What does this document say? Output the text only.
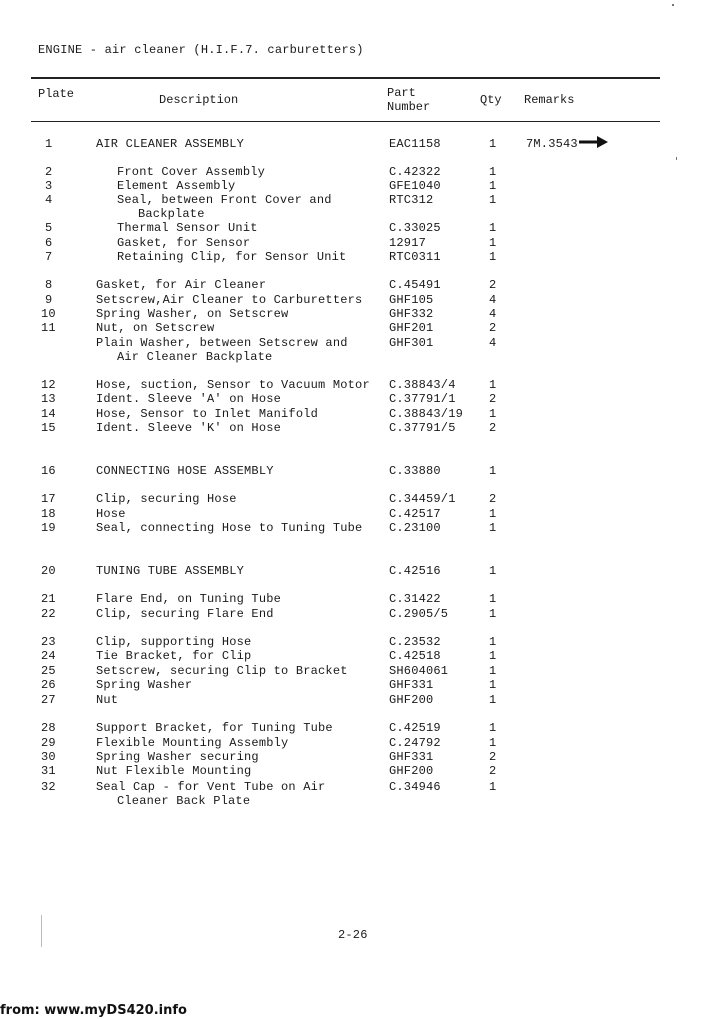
ENGINE - air cleaner (H.I.F.7. carburetters)
Plate	Description	Part
Number	Qty Remarks
1	AIR CLEANER ASSEMBLY	EAC1158	1 7M.3543
2	Front Cover Assembly	C.42322	1
3	Element Assembly	GFE1040	1
4	Seal, between Front Cover and	RTC312	1
Backplate
5	Thermal Sensor Unit	C.33025	1
6	Gasket, for Sensor	12917	1
7	Retaining Clip, for Sensor Unit	RTC0311	1
8	Gasket, for Air Cleaner	C.45491	2
9	Setscrew,Air Cleaner to Carburetters GHF105	4
10	Spring Washer, on Setscrew	GHF332	4
11	Nut, on Setscrew	GHF201	2
Plain Washer, between Setscrew and	GHF301	4
Air Cleaner Backplate
12	Hose, suction, Sensor to Vacuum Motor C.38843/4	1
13	Ident. Sleeve 'A' on Hose	C.37791/1	2
14	Hose, Sensor to Inlet Manifold	C.38843/19 1
15	Ident. Sleeve 'K' on Hose	C.37791/5	2
16	CONNECTING HOSE ASSEMBLY	C.33880	1
17	Clip, securing Hose	C.34459/1	2
18	Hose	C.42517	1
19	Seal, connecting Hose to Tuning Tube C.23100	1
20	TUNING TUBE ASSEMBLY	C.42516	1
21	Flare End, on Tuning Tube	C.31422	1
22	Clip, securing Flare End	C.2905/5	1
23	Clip, supporting Hose	C.23532	1
24	Tie Bracket, for Clip	C.42518	1
25	Setscrew, securing Clip to Bracket	SH604061	1
26	Spring Washer	GHF331	1
27	Nut	GHF200	1
28	Support Bracket, for Tuning Tube	C.42519	1
29	Flexible Mounting Assembly	C.24792	1
30	Spring Washer securing	GHF331	2
31	Nut Flexible Mounting	GHF200	2
32	Seal Cap - for Vent Tube on Air	C.34946	1
Cleaner Back Plate
2-26
from: www.myDS420.info
